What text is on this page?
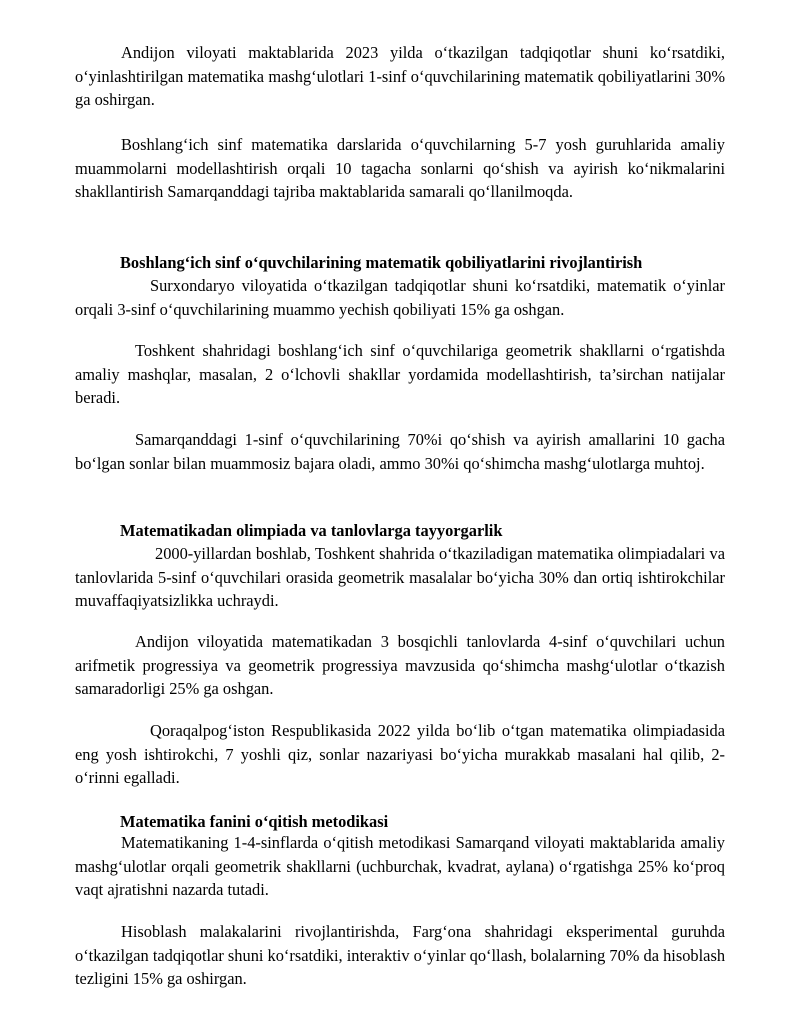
Andijon viloyati maktablarida 2023 yilda o‘tkazilgan tadqiqotlar shuni ko‘rsatdiki, o‘yinlashtirilgan matematika mashg‘ulotlari 1-sinf o‘quvchilarining matematik qobiliyatlarini 30% ga oshirgan.

Boshlang‘ich sinf matematika darslarida o‘quvchilarning 5-7 yosh guruhlarida amaliy muammolarni modellashtirish orqali 10 tagacha sonlarni qo‘shish va ayirish ko‘nikmalarini shakllantirish Samarqanddagi tajriba maktablarida samarali qo‘llanilmoqda.

Boshlang‘ich sinf o‘quvchilarining matematik qobiliyatlarini rivojlantirish

Surxondaryo viloyatida o‘tkazilgan tadqiqotlar shuni ko‘rsatdiki, matematik o‘yinlar orqali 3-sinf o‘quvchilarining muammo yechish qobiliyati 15% ga oshgan.

Toshkent shahridagi boshlang‘ich sinf o‘quvchilariga geometrik shakllarni o‘rgatishda amaliy mashqlar, masalan, 2 o‘lchovli shakllar yordamida modellashtirish, ta’sirchan natijalar beradi.

Samarqanddagi 1-sinf o‘quvchilarining 70%i qo‘shish va ayirish amallarini 10 gacha bo‘lgan sonlar bilan muammosiz bajara oladi, ammo 30%i qo‘shimcha mashg‘ulotlarga muhtoj.

Matematikadan olimpiada va tanlovlarga tayyorgarlik

2000-yillardan boshlab, Toshkent shahrida o‘tkaziladigan matematika olimpiadalari va tanlovlarida 5-sinf o‘quvchilari orasida geometrik masalalar bo‘yicha 30% dan ortiq ishtirokchilar muvaffaqiyatsizlikka uchraydi.

Andijon viloyatida matematikadan 3 bosqichli tanlovlarda 4-sinf o‘quvchilari uchun arifmetik progressiya va geometrik progressiya mavzusida qo‘shimcha mashg‘ulotlar o‘tkazish samaradorligi 25% ga oshgan.

Qoraqalpog‘iston Respublikasida 2022 yilda bo‘lib o‘tgan matematika olimpiadasida eng yosh ishtirokchi, 7 yoshli qiz, sonlar nazariyasi bo‘yicha murakkab masalani hal qilib, 2-o‘rinni egalladi.

Matematika fanini o‘qitish metodikasi

Matematikaning 1-4-sinflarda o‘qitish metodikasi Samarqand viloyati maktablarida amaliy mashg‘ulotlar orqali geometrik shakllarni (uchburchak, kvadrat, aylana) o‘rgatishga 25% ko‘proq vaqt ajratishni nazarda tutadi.

Hisoblash malakalarini rivojlantirishda, Farg‘ona shahridagi eksperimental guruhda o‘tkazilgan tadqiqotlar shuni ko‘rsatdiki, interaktiv o‘yinlar qo‘llash, bolalarning 70% da hisoblash tezligini 15% ga oshirgan.
